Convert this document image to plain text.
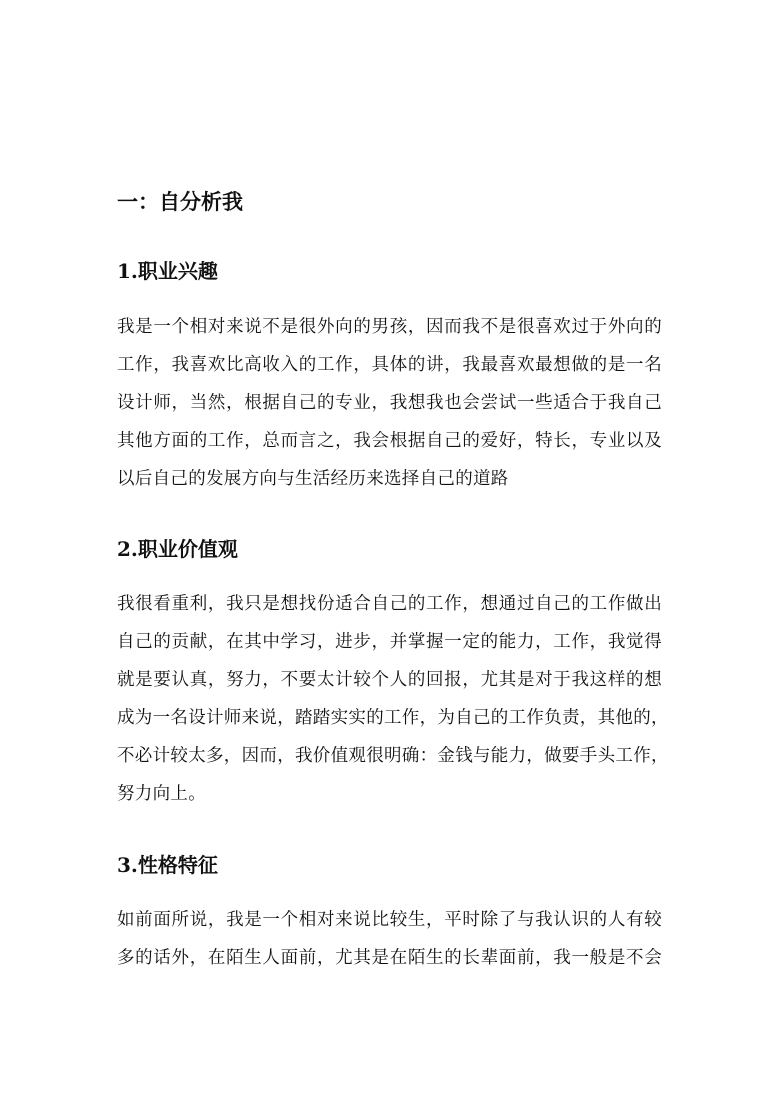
一：自分析我
1.职业兴趣
我是一个相对来说不是很外向的男孩，因而我不是很喜欢过于外向的
工作，我喜欢比高收入的工作，具体的讲，我最喜欢最想做的是一名
设计师，当然，根据自己的专业，我想我也会尝试一些适合于我自己
其他方面的工作，总而言之，我会根据自己的爱好，特长，专业以及
以后自己的发展方向与生活经历来选择自己的道路
2.职业价值观
我很看重利，我只是想找份适合自己的工作，想通过自己的工作做出
自己的贡献，在其中学习，进步，并掌握一定的能力，工作，我觉得
就是要认真，努力，不要太计较个人的回报，尤其是对于我这样的想
成为一名设计师来说，踏踏实实的工作，为自己的工作负责，其他的，
不必计较太多，因而，我价值观很明确：金钱与能力，做要手头工作，
努力向上。
3.性格特征
如前面所说，我是一个相对来说比较生，平时除了与我认识的人有较
多的话外，在陌生人面前，尤其是在陌生的长辈面前，我一般是不会
